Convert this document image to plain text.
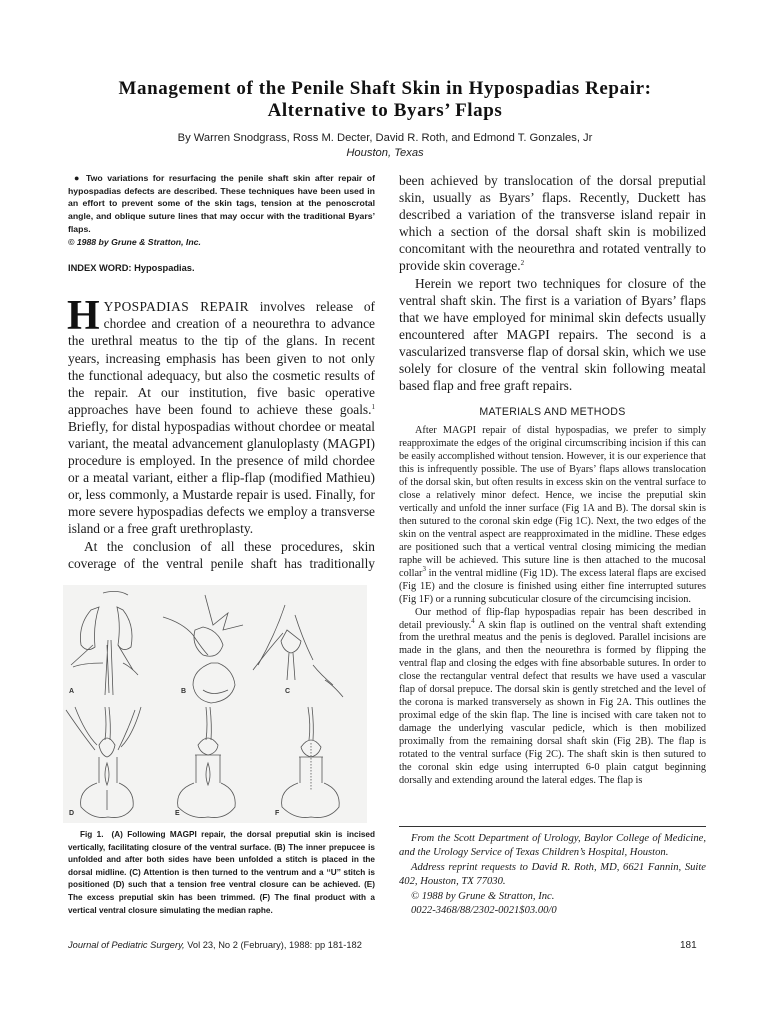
Management of the Penile Shaft Skin in Hypospadias Repair:
Alternative to Byars’ Flaps
By Warren Snodgrass, Ross M. Decter, David R. Roth, and Edmond T. Gonzales, Jr
Houston, Texas

● Two variations for resurfacing the penile shaft skin after repair of hypospadias defects are described. These techniques have been used in an effort to prevent some of the skin tags, tension at the penoscrotal angle, and oblique suture lines that may occur with the traditional Byars’ flaps.

© 1988 by Grune & Stratton, Inc.

INDEX WORD: Hypospadias.

HYPOSPADIAS REPAIR involves release of chordee and creation of a neourethra to advance the urethral meatus to the tip of the glans. In recent years, increasing emphasis has been given to not only the functional adequacy, but also the cosmetic results of the repair. At our institution, five basic operative approaches have been found to achieve these goals.$^1$ Briefly, for distal hypospadias without chordee or meatal variant, the meatal advancement glanuloplasty (MAGPI) procedure is employed. In the presence of mild chordee or a meatal variant, either a flip-flap (modified Mathieu) or, less commonly, a Mustarde repair is used. Finally, for more severe hypospadias defects we employ a transverse island or a free graft urethroplasty.

At the conclusion of all these procedures, skin coverage of the ventral penile shaft has traditionally

A	B	C
D	E	F

Fig 1. (A) Following MAGPI repair, the dorsal preputial skin is incised vertically, facilitating closure of the ventral surface. (B) The inner prepucee is unfolded and after both sides have been unfolded a stitch is placed in the dorsal midline. (C) Attention is then turned to the ventrum and a ‘‘U’’ stitch is positioned (D) such that a tension free ventral closure can be achieved. (E) The excess preputial skin has been trimmed. (F) The final product with a vertical ventral closure simulating the median raphe.

been achieved by translocation of the dorsal preputial skin, usually as Byars’ flaps. Recently, Duckett has described a variation of the transverse island repair in which a section of the dorsal shaft skin is mobilized concomitant with the neourethra and rotated ventrally to provide skin coverage.$^2$

Herein we report two techniques for closure of the ventral shaft skin. The first is a variation of Byars’ flaps that we have employed for minimal skin defects usually encountered after MAGPI repairs. The second is a vascularized transverse flap of dorsal skin, which we use solely for closure of the ventral skin following meatal based flap and free graft repairs.

MATERIALS AND METHODS

After MAGPI repair of distal hypospadias, we prefer to simply reapproximate the edges of the original circumscribing incision if this can be easily accomplished without tension. However, it is our experience that this is infrequently possible. The use of Byars’ flaps allows translocation of the dorsal skin, but often results in excess skin on the ventral surface to close a relatively minor defect. Hence, we incise the preputial skin vertically and unfold the inner surface (Fig 1A and B). The dorsal skin is then sutured to the coronal skin edge (Fig 1C). Next, the two edges of the skin on the ventral aspect are reapproximated in the midline. These edges are positioned such that a vertical ventral closing mimicing the median raphe will be achieved. This suture line is then attached to the mucosal collar$^3$ in the ventral midline (Fig 1D). The excess lateral flaps are excised (Fig 1E) and the closure is finished using either fine interrupted sutures (Fig 1F) or a running subcuticular closure of the circumcising incision.

Our method of flip-flap hypospadias repair has been described in detail previously.$^4$ A skin flap is outlined on the ventral shaft extending from the urethral meatus and the penis is degloved. Parallel incisions are made in the glans, and then the neourethra is formed by flipping the ventral flap and closing the edges with fine absorbable sutures. In order to close the rectangular ventral defect that results we have used a vascular flap of dorsal prepuce. The dorsal skin is gently stretched and the level of the corona is marked transversely as shown in Fig 2A. This outlines the proximal edge of the skin flap. The line is incised with care taken not to damage the underlying vascular pedicle, which is then mobilized proximally from the remaining dorsal shaft skin (Fig 2B). The flap is rotated to the ventral surface (Fig 2C). The shaft skin is then sutured to the coronal skin edge using interrupted 6-0 plain catgut beginning dorsally and extending around the lateral edges. The flap is

From the Scott Department of Urology, Baylor College of Medicine, and the Urology Service of Texas Children’s Hospital, Houston.

Address reprint requests to David R. Roth, MD, 6621 Fannin, Suite 402, Houston, TX 77030.

© 1988 by Grune & Stratton, Inc.

0022-3468/88/2302-0021$03.00/0

Journal of Pediatric Surgery, Vol 23, No 2 (February), 1988: pp 181-182	181
